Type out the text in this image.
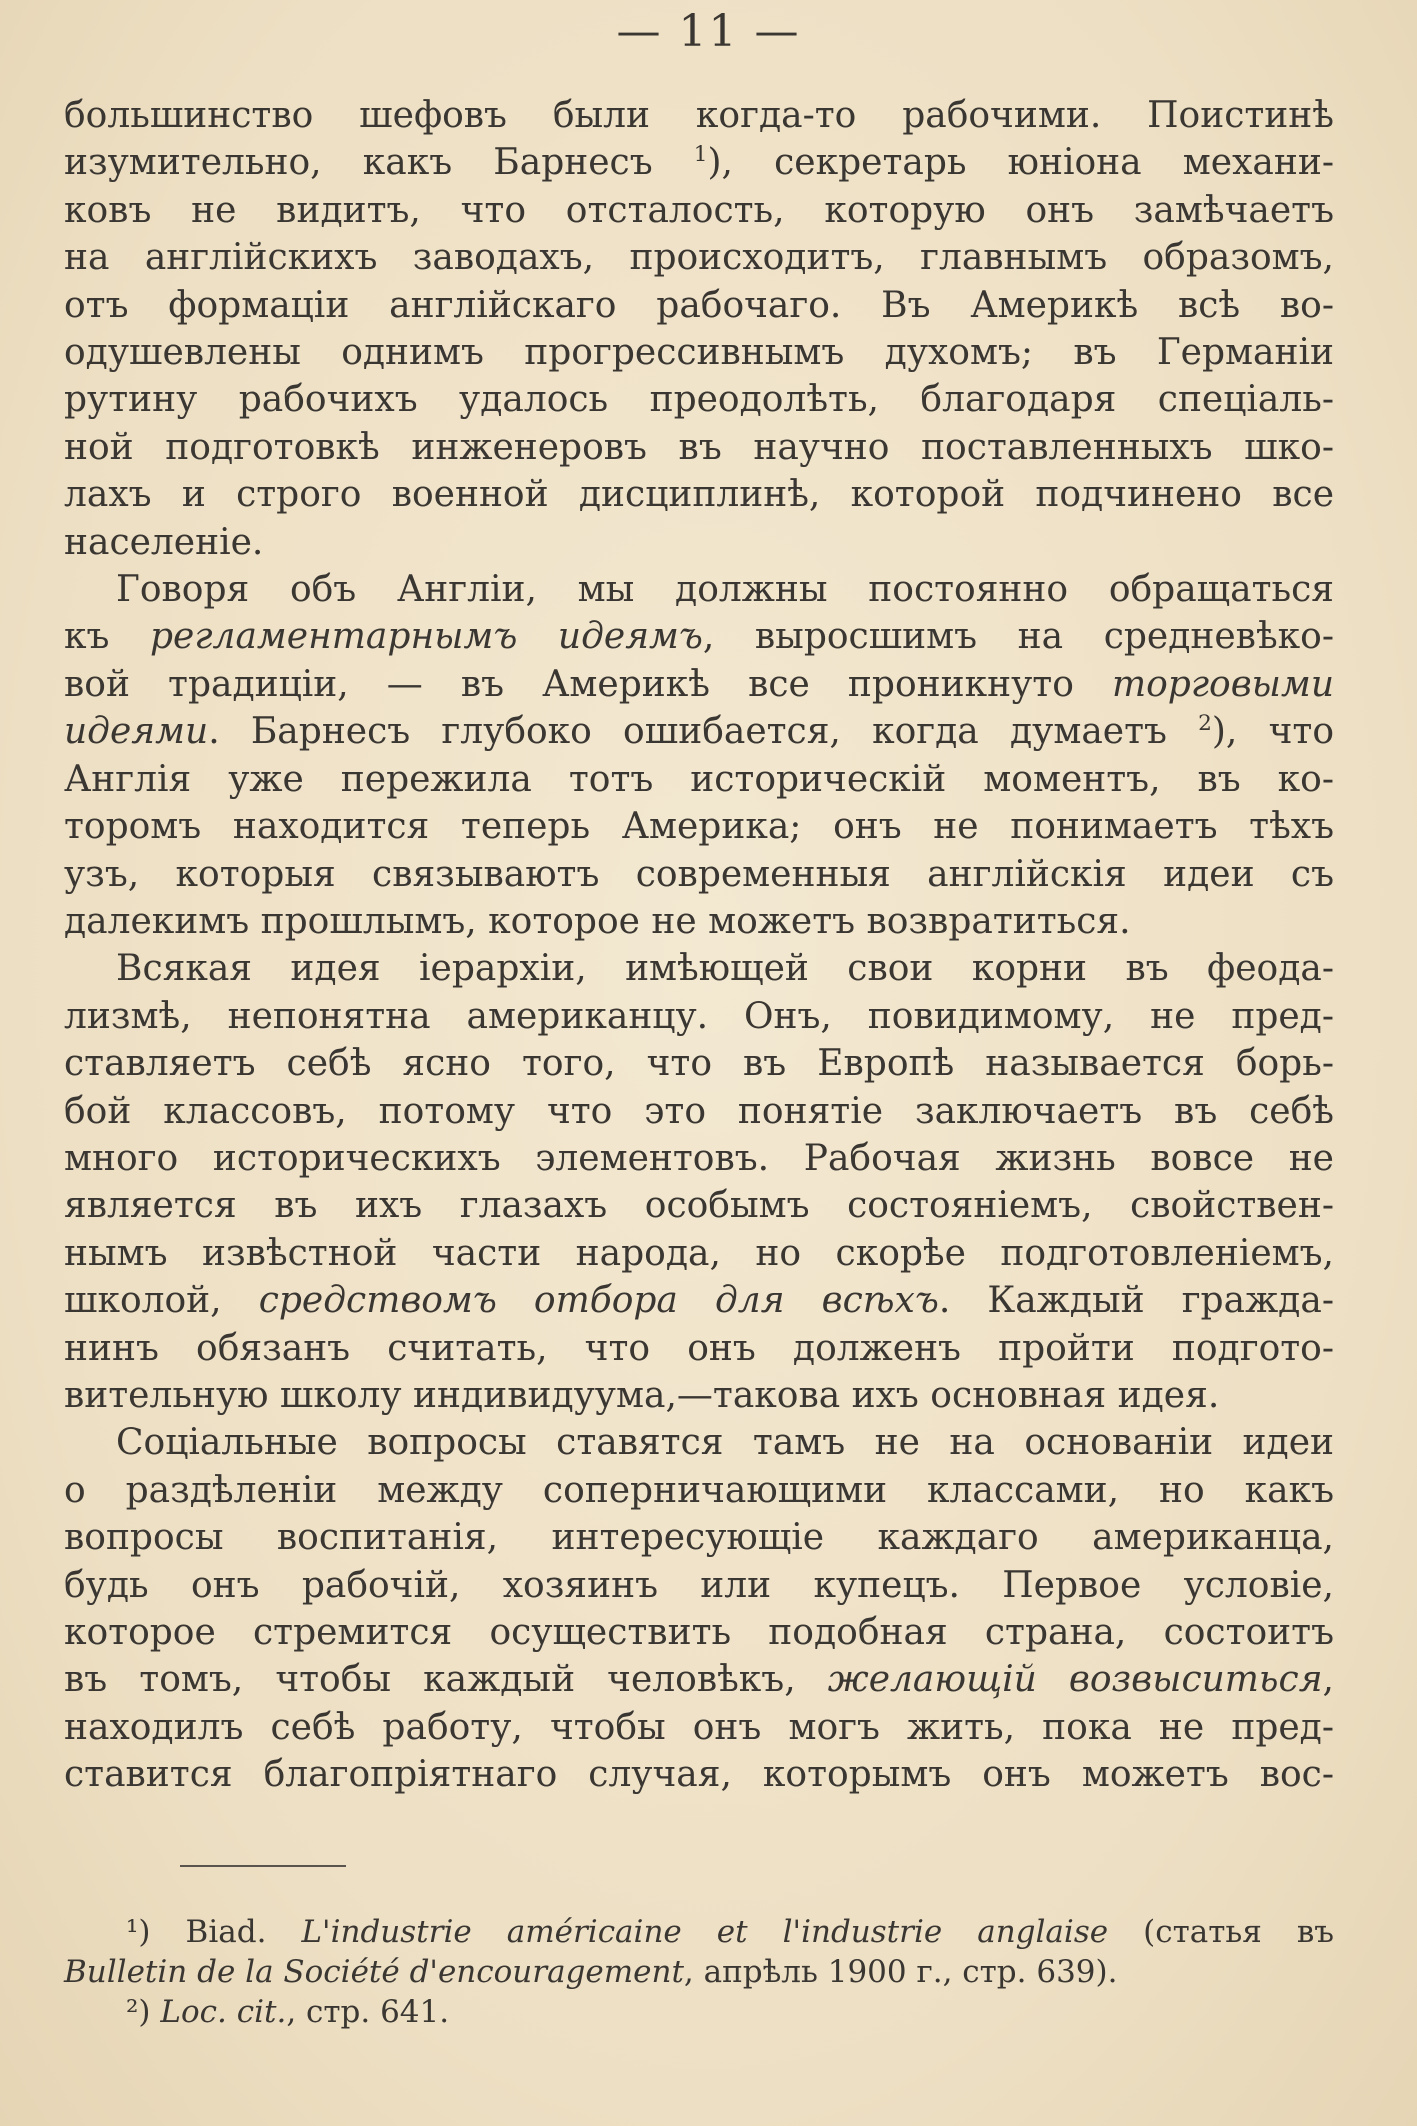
— 11 —
большинство шефовъ были когда-то рабочими. Поистинѣ
изумительно, какъ Барнесъ $^1$), секретарь юніона механи-
ковъ не видитъ, что отсталость, которую онъ замѣчаетъ
на англійскихъ заводахъ, происходитъ, главнымъ образомъ,
отъ формаціи англійскаго рабочаго. Въ Америкѣ всѣ во-
одушевлены однимъ прогрессивнымъ духомъ; въ Германіи
рутину рабочихъ удалось преодолѣть, благодаря спеціаль-
ной подготовкѣ инженеровъ въ научно поставленныхъ шко-
лахъ и строго военной дисциплинѣ, которой подчинено все
населеніе.
Говоря объ Англіи, мы должны постоянно обращаться
къ регламентарнымъ идеямъ, выросшимъ на средневѣко-
вой традиціи, — въ Америкѣ все проникнуто торговыми
идеями. Барнесъ глубоко ошибается, когда думаетъ $^2$), что
Англія уже пережила тотъ историческій моментъ, въ ко-
торомъ находится теперь Америка; онъ не понимаетъ тѣхъ
узъ, которыя связываютъ современныя англійскія идеи съ
далекимъ прошлымъ, которое не можетъ возвратиться.
Всякая идея іерархіи, имѣющей свои корни въ феода-
лизмѣ, непонятна американцу. Онъ, повидимому, не пред-
ставляетъ себѣ ясно того, что въ Европѣ называется борь-
бой классовъ, потому что это понятіе заключаетъ въ себѣ
много историческихъ элементовъ. Рабочая жизнь вовсе не
является въ ихъ глазахъ особымъ состояніемъ, свойствен-
нымъ извѣстной части народа, но скорѣе подготовленіемъ,
школой, средствомъ отбора для всѣхъ. Каждый гражда-
нинъ обязанъ считать, что онъ долженъ пройти подгото-
вительную школу индивидуума,—такова ихъ основная идея.
Соціальные вопросы ставятся тамъ не на основаніи идеи
о раздѣленіи между соперничающими классами, но какъ
вопросы воспитанія, интересующіе каждаго американца,
будь онъ рабочій, хозяинъ или купецъ. Первое условіе,
которое стремится осуществить подобная страна, состоитъ
въ томъ, чтобы каждый человѣкъ, желающій возвыситься,
находилъ себѣ работу, чтобы онъ могъ жить, пока не пред-
ставится благопріятнаго случая, которымъ онъ можетъ вос-
¹) Biad. L'industrie américaine et l'industrie anglaise (статья въ
Bulletin de la Société d'encouragement, апрѣль 1900 г., стр. 639).
²) Loc. cit., стр. 641.
